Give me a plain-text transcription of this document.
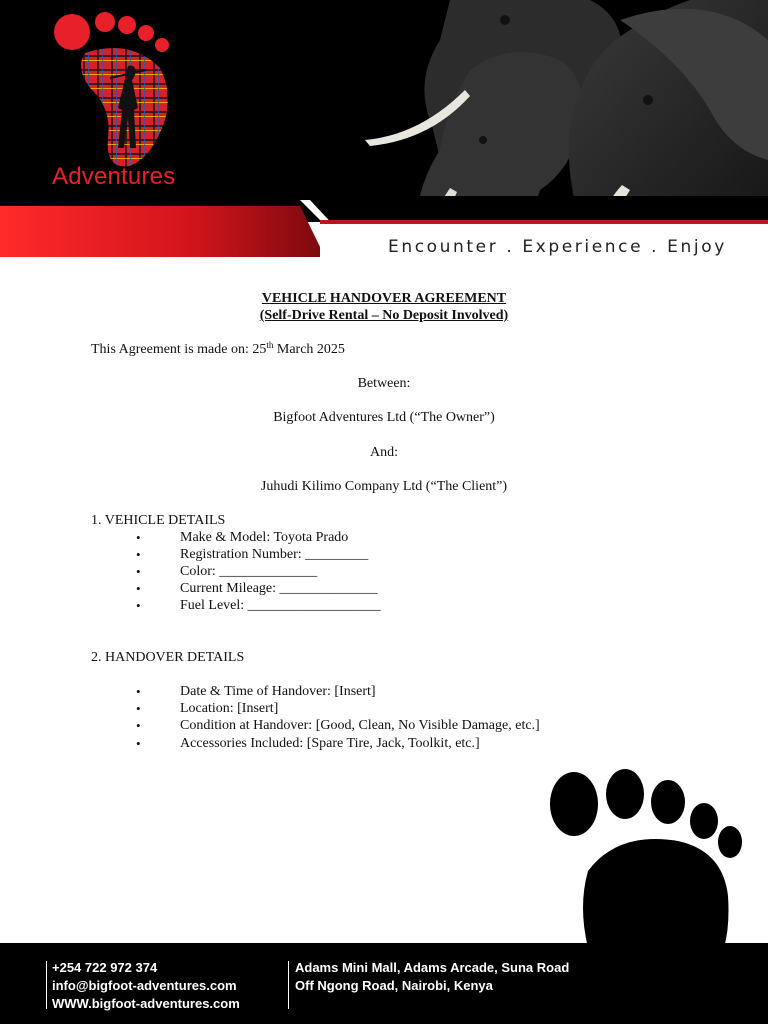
Adventures
Encounter . Experience . Enjoy
VEHICLE HANDOVER AGREEMENT
(Self-Drive Rental – No Deposit Involved)
This Agreement is made on: 25th March 2025
Between:
Bigfoot Adventures Ltd (“The Owner”)
And:
Juhudi Kilimo Company Ltd (“The Client”)
1. VEHICLE DETAILS
•	Make & Model: Toyota Prado
•	Registration Number: _________
•	Color: ______________
•	Current Mileage: ______________
•	Fuel Level: ___________________
2. HANDOVER DETAILS
•	Date & Time of Handover: [Insert]
•	Location: [Insert]
•	Condition at Handover: [Good, Clean, No Visible Damage, etc.]
•	Accessories Included: [Spare Tire, Jack, Toolkit, etc.]
+254 722 972 374
info@bigfoot-adventures.com
WWW.bigfoot-adventures.com
Adams Mini Mall, Adams Arcade, Suna Road
Off Ngong Road, Nairobi, Kenya
